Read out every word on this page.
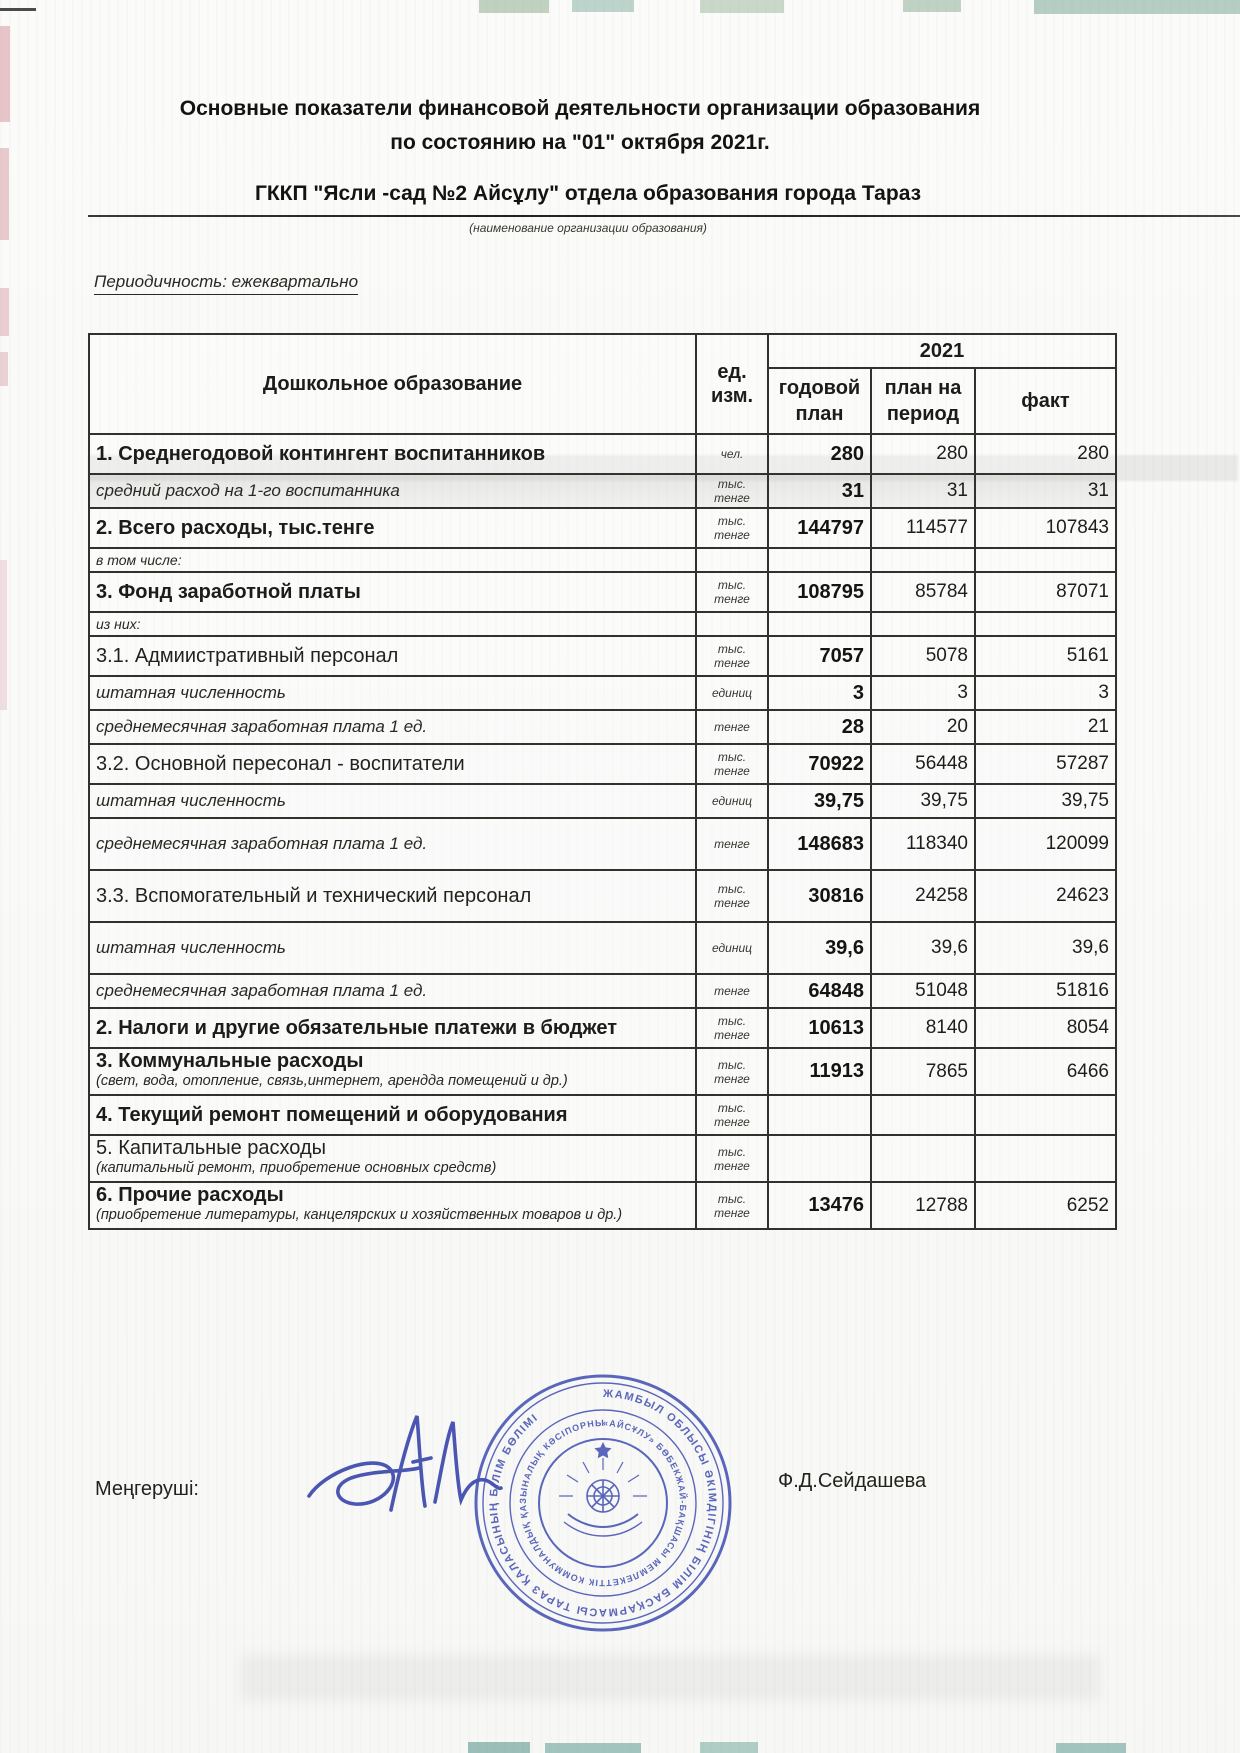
Основные показатели финансовой деятельности организации образования
по состоянию на "01" октября 2021г.
ГККП "Ясли -сад №2 Айсұлу" отдела образования города Тараз
(наименование организации образования)
Периодичность: ежеквартально
Дошкольное образование	ед. изм.	2021		
		годовой план	план на период	факт
1. Среднегодовой контингент воспитанников	чел.	280	280	280
средний расход на 1-го воспитанника	тыс. тенге	31	31	31
2. Всего расходы, тыс.тенге	тыс. тенге	144797	114577	107843
в том числе:				
3. Фонд заработной платы	тыс. тенге	108795	85784	87071
из них:				
3.1. Адмиистративный персонал	тыс. тенге	7057	5078	5161
штатная численность	единиц	3	3	3
среднемесячная заработная плата 1 ед.	тенге	28	20	21
3.2. Основной пересонал - воспитатели	тыс. тенге	70922	56448	57287
штатная численность	единиц	39,75	39,75	39,75
среднемесячная заработная плата 1 ед.	тенге	148683	118340	120099
3.3. Вспомогательный и технический персонал	тыс. тенге	30816	24258	24623
штатная численность	единиц	39,6	39,6	39,6
среднемесячная заработная плата 1 ед.	тенге	64848	51048	51816
2. Налоги и другие обязательные платежи в бюджет	тыс. тенге	10613	8140	8054
3. Коммунальные расходы
(свет, вода, отопление, связь,интернет, арендда помещений и др.)	тыс. тенге	11913	7865	6466
4. Текущий ремонт помещений и оборудования	тыс. тенге			
5. Капитальные расходы
(капитальный ремонт, приобретение основных средств)	тыс. тенге			
6. Прочие расходы
(приобретение литературы, канцелярских и хозяйственных товаров и др.)	тыс. тенге	13476	12788	6252
Меңгеруші:	Ф.Д.Сейдашева
ЖАМБЫЛ ОБЛЫСЫ ӘКІМДІГІНІҢ БІЛІМ БАСҚАРМАСЫ ТАРАЗ ҚАЛАСЫНЫҢ БІЛІМ БӨЛІМІ	«АЙСҰЛУ» БӨБЕКЖАЙ-БАҚШАСЫ МЕМЛЕКЕТТІК КОММУНАЛДЫҚ ҚАЗЫНАЛЫҚ КӘСІПОРНЫ
